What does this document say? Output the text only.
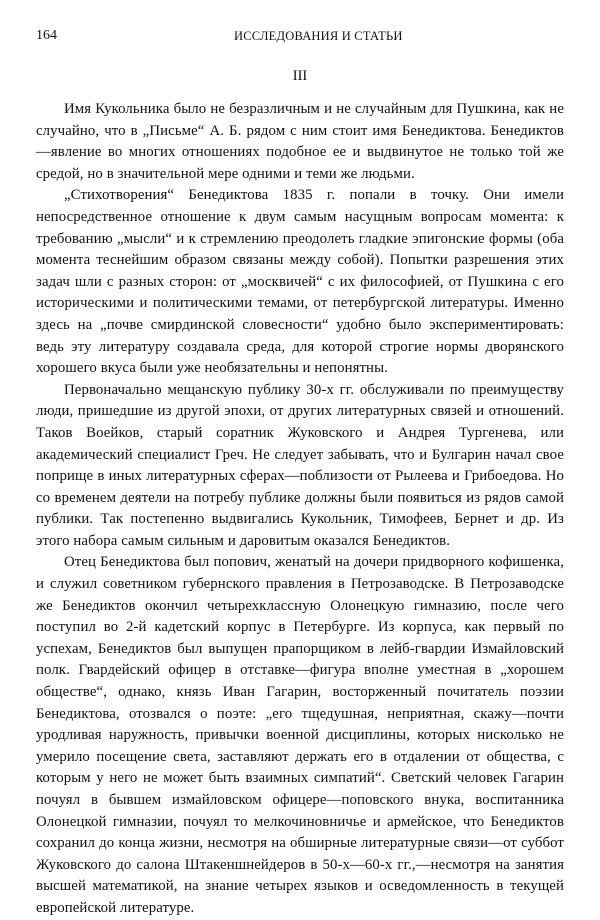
164	ИССЛЕДОВАНИЯ И СТАТЬИ
III

Имя Кукольника было не безразличным и не случайным для Пушкина, как не случайно, что в „Письме“ А. Б. рядом с ним стоит имя Бенедиктова. Бенедиктов—явление во многих отношениях подобное ее и выдвинутое не только той же средой, но в значительной мере одними и теми же людьми.

„Стихотворения“ Бенедиктова 1835 г. попали в точку. Они имели непосредственное отношение к двум самым насущным вопросам момента: к требованию „мысли“ и к стремлению преодолеть гладкие эпигонские формы (оба момента теснейшим образом связаны между собой). Попытки разрешения этих задач шли с разных сторон: от „москвичей“ с их философией, от Пушкина с его историческими и политическими темами, от петербургской литературы. Именно здесь на „почве смирдинской словесности“ удобно было экспериментировать: ведь эту литературу создавала среда, для которой строгие нормы дворянского хорошего вкуса были уже необязательны и непонятны.

Первоначально мещанскую публику 30-х гг. обслуживали по преимуществу люди, пришедшие из другой эпохи, от других литературных связей и отношений. Таков Воейков, старый соратник Жуковского и Андрея Тургенева, или академический специалист Греч. Не следует забывать, что и Булгарин начал свое поприще в иных литературных сферах—поблизости от Рылеева и Грибоедова. Но со временем деятели на потребу публике должны были появиться из рядов самой публики. Так постепенно выдвигались Кукольник, Тимофеев, Бернет и др. Из этого набора самым сильным и даровитым оказался Бенедиктов.

Отец Бенедиктова был попович, женатый на дочери придворного кофишенка, и служил советником губернского правления в Петрозаводске. В Петрозаводске же Бенедиктов окончил четырехклассную Олонецкую гимназию, после чего поступил во 2-й кадетский корпус в Петербурге. Из корпуса, как первый по успехам, Бенедиктов был выпущен прапорщиком в лейб-гвардии Измайловский полк. Гвардейский офицер в отставке—фигура вполне уместная в „хорошем обществе“, однако, князь Иван Гагарин, восторженный почитатель поэзии Бенедиктова, отозвался о поэте: „его тщедушная, неприятная, скажу—почти уродливая наружность, привычки военной дисциплины, которых нисколько не умерило посещение света, заставляют держать его в отдалении от общества, с которым у него не может быть взаимных симпатий“. Светский человек Гагарин почуял в бывшем измайловском офицере—поповского внука, воспитанника Олонецкой гимназии, почуял то мелкочиновничье и армейское, что Бенедиктов сохранил до конца жизни, несмотря на обширные литературные связи—от суббот Жуковского до салона Штакеншнейдеров в 50-х—60-х гг.,—несмотря на занятия высшей математикой, на знание четырех языков и осведомленность в текущей европейской литературе.
